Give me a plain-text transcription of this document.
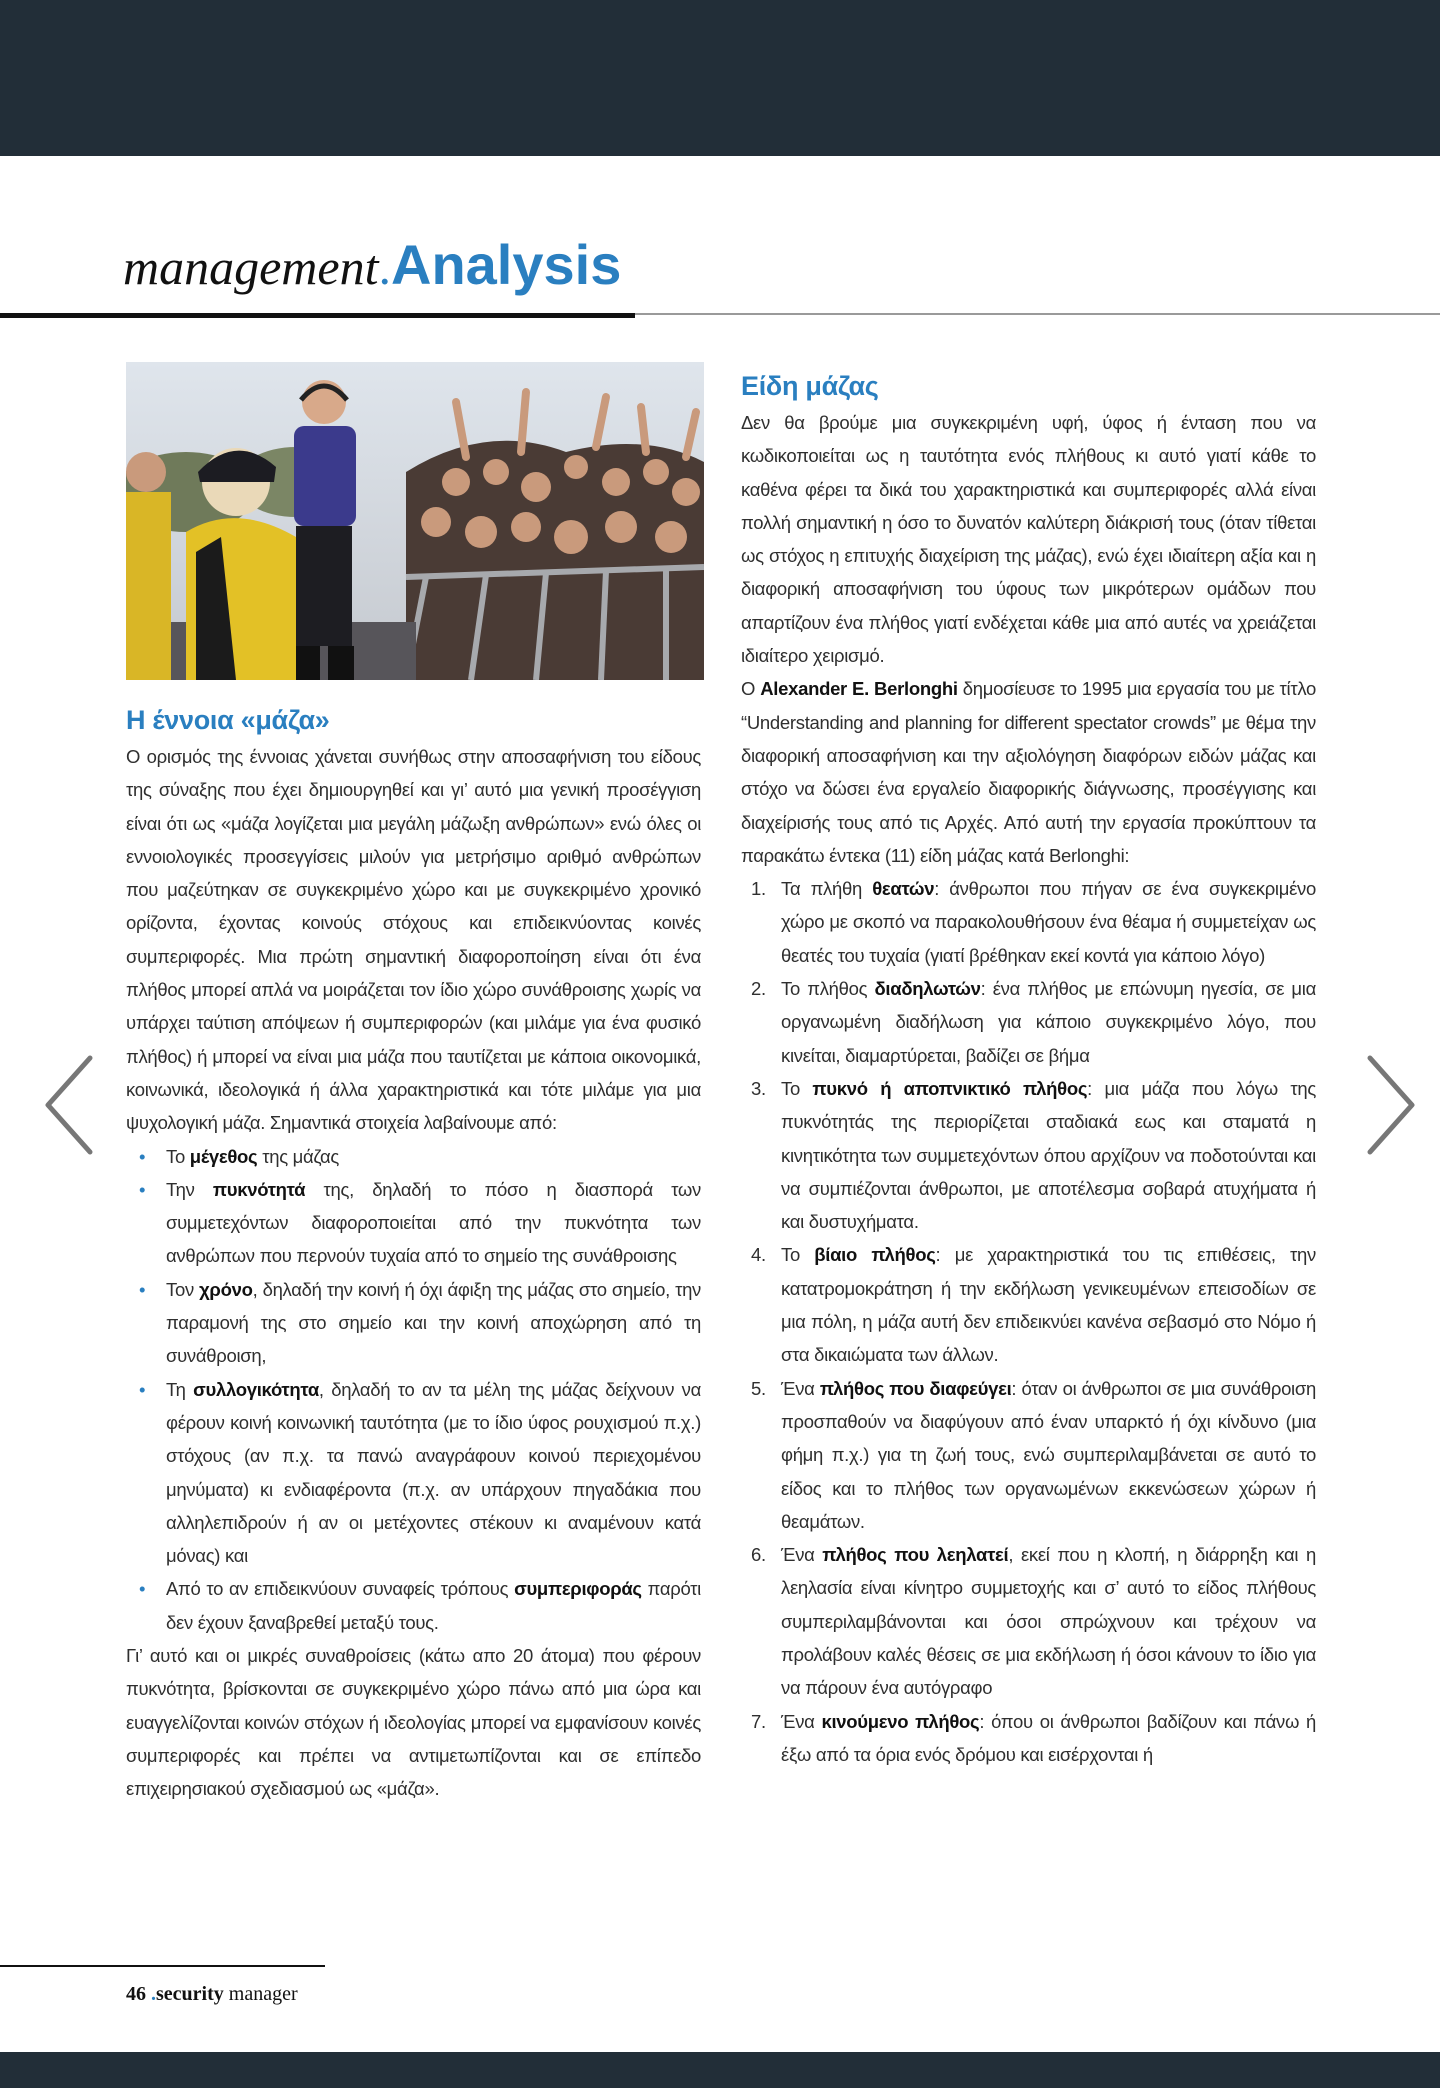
management . Analysis
Η έννοια «μάζα»

Ο ορισμός της έννοιας χάνεται συνήθως στην αποσαφήνιση του είδους της σύναξης που έχει δημιουργηθεί και γι’ αυτό μια γενική προσέγγιση είναι ότι ως «μάζα λογίζεται μια μεγάλη μάζωξη ανθρώπων» ενώ όλες οι εννοιολογικές προσεγγίσεις μιλούν για μετρήσιμο αριθμό ανθρώπων που μαζεύτηκαν σε συγκεκριμένο χώρο και με συγκεκριμένο χρονικό ορίζοντα, έχοντας κοινούς στόχους και επιδεικνύοντας κοινές συμπεριφορές. Μια πρώτη σημαντική διαφοροποίηση είναι ότι ένα πλήθος μπορεί απλά να μοιράζεται τον ίδιο χώρο συνάθροισης χωρίς να υπάρχει ταύτιση απόψεων ή συμπεριφορών (και μιλάμε για ένα φυσικό πλήθος) ή μπορεί να είναι μια μάζα που ταυτίζεται με κάποια οικονομικά, κοινωνικά, ιδεολογικά ή άλλα χαρακτηριστικά και τότε μιλάμε για μια ψυχολογική μάζα. Σημαντικά στοιχεία λαβαίνουμε από:

• Το μέγεθος της μάζας
• Την πυκνότητά της, δηλαδή το πόσο η διασπορά των συμμετεχόντων διαφοροποιείται από την πυκνότητα των ανθρώπων που περνούν τυχαία από το σημείο της συνάθροισης
• Τον χρόνο, δηλαδή την κοινή ή όχι άφιξη της μάζας στο σημείο, την παραμονή της στο σημείο και την κοινή αποχώρηση από τη συνάθροιση,
• Τη συλλογικότητα, δηλαδή το αν τα μέλη της μάζας δείχνουν να φέρουν κοινή κοινωνική ταυτότητα (με το ίδιο ύφος ρουχισμού π.χ.) στόχους (αν π.χ. τα πανώ αναγράφουν κοινού περιεχομένου μηνύματα) κι ενδιαφέροντα (π.χ. αν υπάρχουν πηγαδάκια που αλληλεπιδρούν ή αν οι μετέχοντες στέκουν κι αναμένουν κατά μόνας) και
• Από το αν επιδεικνύουν συναφείς τρόπους συμπεριφοράς παρότι δεν έχουν ξαναβρεθεί μεταξύ τους.

Γι’ αυτό και οι μικρές συναθροίσεις (κάτω απο 20 άτομα) που φέρουν πυκνότητα, βρίσκονται σε συγκεκριμένο χώρο πάνω από μια ώρα και ευαγγελίζονται κοινών στόχων ή ιδεολογίας μπορεί να εμφανίσουν κοινές συμπεριφορές και πρέπει να αντιμετωπίζονται και σε επίπεδο επιχειρησιακού σχεδιασμού ως «μάζα».

Είδη μάζας

Δεν θα βρούμε μια συγκεκριμένη υφή, ύφος ή ένταση που να κωδικοποιείται ως η ταυτότητα ενός πλήθους κι αυτό γιατί κάθε το καθένα φέρει τα δικά του χαρακτηριστικά και συμπεριφορές αλλά είναι πολλή σημαντική η όσο το δυνατόν καλύτερη διάκρισή τους (όταν τίθεται ως στόχος η επιτυχής διαχείριση της μάζας), ενώ έχει ιδιαίτερη αξία και η διαφορική αποσαφήνιση του ύφους των μικρότερων ομάδων που απαρτίζουν ένα πλήθος γιατί ενδέχεται κάθε μια από αυτές να χρειάζεται ιδιαίτερο χειρισμό.

Ο Alexander E. Berlonghi δημοσίευσε το 1995 μια εργασία του με τίτλο “Understanding and planning for different spectator crowds” με θέμα την διαφορική αποσαφήνιση και την αξιολόγηση διαφόρων ειδών μάζας και στόχο να δώσει ένα εργαλείο διαφορικής διάγνωσης, προσέγγισης και διαχείρισής τους από τις Αρχές. Από αυτή την εργασία προκύπτουν τα παρακάτω έντεκα (11) είδη μάζας κατά Berlonghi:

1. Τα πλήθη θεατών: άνθρωποι που πήγαν σε ένα συγκεκριμένο χώρο με σκοπό να παρακολουθήσουν ένα θέαμα ή συμμετείχαν ως θεατές του τυχαία (γιατί βρέθηκαν εκεί κοντά για κάποιο λόγο)
2. Το πλήθος διαδηλωτών: ένα πλήθος με επώνυμη ηγεσία, σε μια οργανωμένη διαδήλωση για κάποιο συγκεκριμένο λόγο, που κινείται, διαμαρτύρεται, βαδίζει σε βήμα
3. Το πυκνό ή αποπνικτικό πλήθος: μια μάζα που λόγω της πυκνότητάς της περιορίζεται σταδιακά εως και σταματά η κινητικότητα των συμμετεχόντων όπου αρχίζουν να ποδοτούνται και να συμπιέζονται άνθρωποι, με αποτέλεσμα σοβαρά ατυχήματα ή και δυστυχήματα.
4. Το βίαιο πλήθος: με χαρακτηριστικά του τις επιθέσεις, την κατατρομοκράτηση ή την εκδήλωση γενικευμένων επεισοδίων σε μια πόλη, η μάζα αυτή δεν επιδεικνύει κανένα σεβασμό στο Νόμο ή στα δικαιώματα των άλλων.
5. Ένα πλήθος που διαφεύγει: όταν οι άνθρωποι σε μια συνάθροιση προσπαθούν να διαφύγουν από έναν υπαρκτό ή όχι κίνδυνο (μια φήμη π.χ.) για τη ζωή τους, ενώ συμπεριλαμβάνεται σε αυτό το είδος και το πλήθος των οργανωμένων εκκενώσεων χώρων ή θεαμάτων.
6. Ένα πλήθος που λεηλατεί, εκεί που η κλοπή, η διάρρηξη και η λεηλασία είναι κίνητρο συμμετοχής και σ’ αυτό το είδος πλήθους συμπεριλαμβάνονται και όσοι σπρώχνουν και τρέχουν να προλάβουν καλές θέσεις σε μια εκδήλωση ή όσοι κάνουν το ίδιο για να πάρουν ένα αυτόγραφο
7. Ένα κινούμενο πλήθος: όπου οι άνθρωποι βαδίζουν και πάνω ή έξω από τα όρια ενός δρόμου και εισέρχονται ή
46 .security manager
